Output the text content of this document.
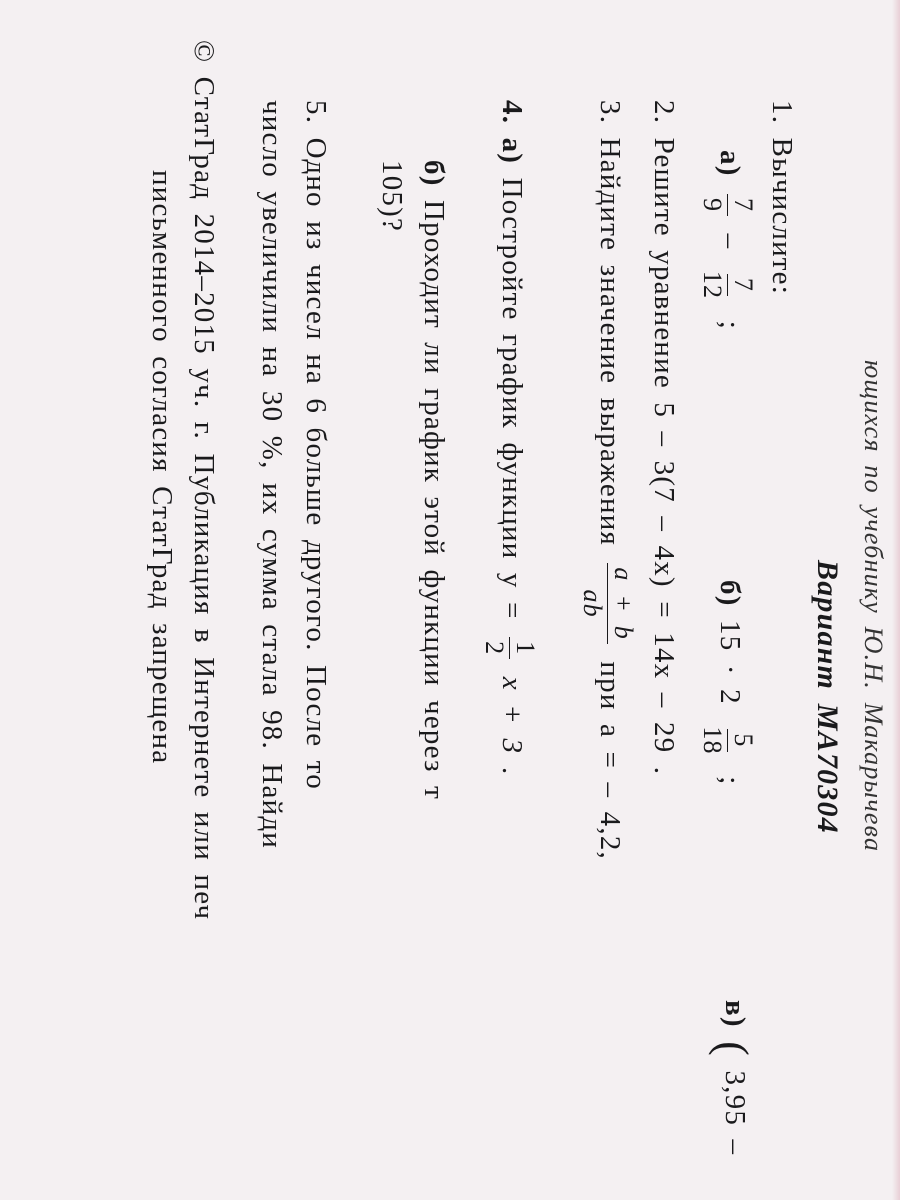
ющихся по учебнику Ю.Н. Макарычева
Вариант МА70304
1. Вычислите:
а)
7
9
–
7
12
;
б) 15 · 2
5
18
;
в) ( 3,95 –
2. Решите уравнение 5 – 3(7 – 4x) = 14x – 29 .
3. Найдите значение выражения
a + b
ab
при a = – 4,2,
4. а) Постройте график функции y =
1
2
x + 3 .
б) Проходит ли график этой функции через т
105)?
5. Одно из чисел на 6 больше другого. После то
число увеличили на 30 %, их сумма стала 98. Найди
© СтатГрад 2014–2015 уч. г. Публикация в Интернете или печ
письменного согласия СтатГрад запрещена
